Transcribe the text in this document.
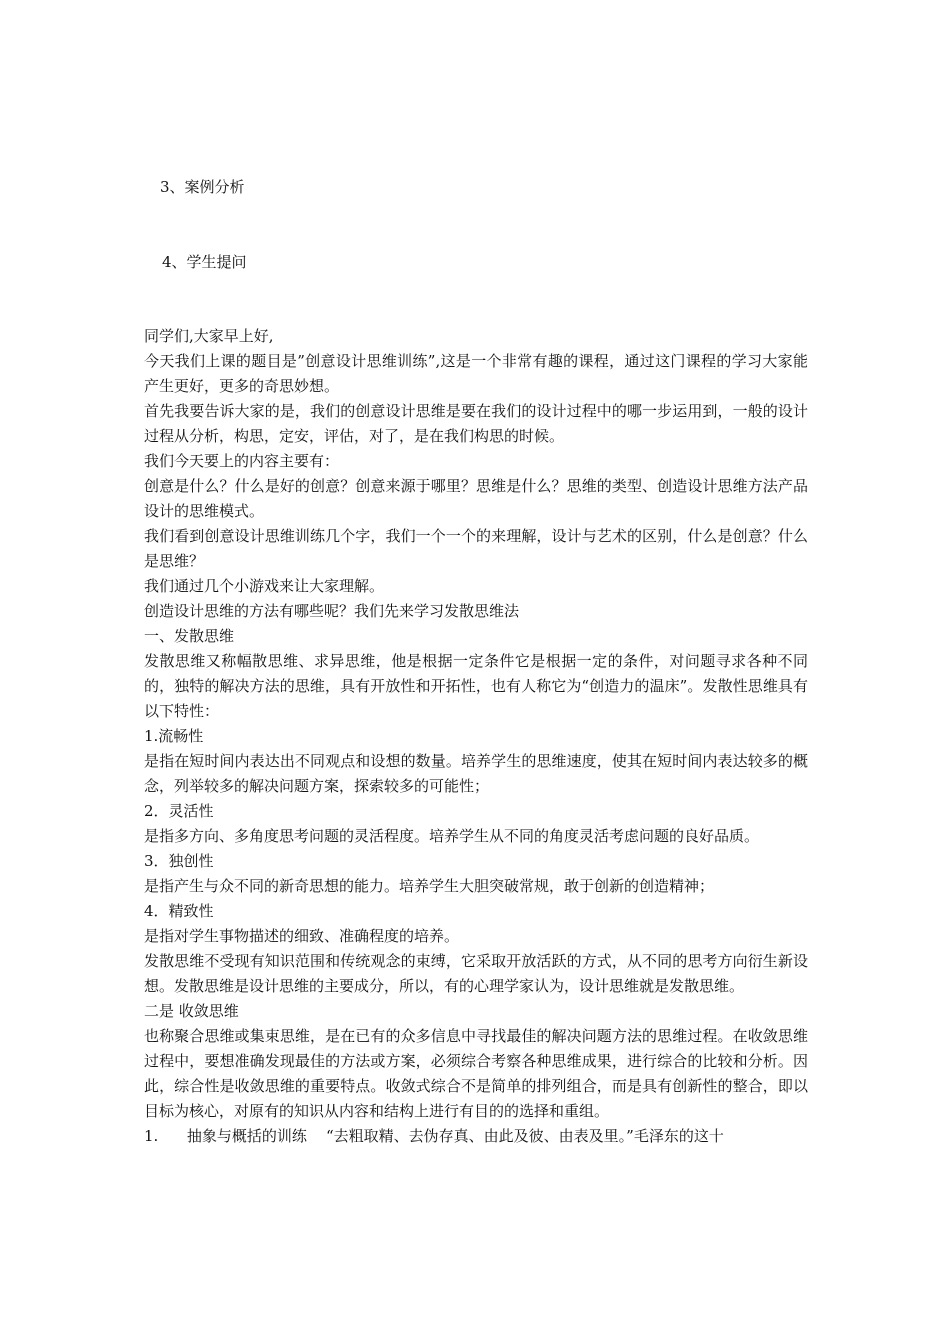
3、案例分析
4、学生提问

同学们,大家早上好,

今天我们上课的题目是”创意设计思维训练”,这是一个非常有趣的课程，通过这门课程的学习大家能产生更好，更多的奇思妙想。

首先我要告诉大家的是，我们的创意设计思维是要在我们的设计过程中的哪一步运用到，一般的设计过程从分析，构思，定安，评估，对了，是在我们构思的时候。

我们今天要上的内容主要有：

创意是什么？什么是好的创意？创意来源于哪里？思维是什么？思维的类型、创造设计思维方法产品设计的思维模式。

我们看到创意设计思维训练几个字，我们一个一个的来理解，设计与艺术的区别，什么是创意？什么是思维？

我们通过几个小游戏来让大家理解。

创造设计思维的方法有哪些呢？我们先来学习发散思维法

一、发散思维

发散思维又称幅散思维、求异思维，他是根据一定条件它是根据一定的条件，对问题寻求各种不同的，独特的解决方法的思维，具有开放性和开拓性，也有人称它为“创造力的温床”。发散性思维具有以下特性：

1.流畅性

是指在短时间内表达出不同观点和设想的数量。培养学生的思维速度，使其在短时间内表达较多的概念，列举较多的解决问题方案，探索较多的可能性；

2．灵活性

是指多方向、多角度思考问题的灵活程度。培养学生从不同的角度灵活考虑问题的良好品质。

3．独创性

是指产生与众不同的新奇思想的能力。培养学生大胆突破常规，敢于创新的创造精神；

4．精致性

是指对学生事物描述的细致、准确程度的培养。

发散思维不受现有知识范围和传统观念的束缚，它采取开放活跃的方式，从不同的思考方向衍生新设想。发散思维是设计思维的主要成分，所以，有的心理学家认为，设计思维就是发散思维。

二是 收敛思维

也称聚合思维或集束思维，是在已有的众多信息中寻找最佳的解决问题方法的思维过程。在收敛思维过程中，要想准确发现最佳的方法或方案，必须综合考察各种思维成果，进行综合的比较和分析。因此，综合性是收敛思维的重要特点。收敛式综合不是简单的排列组合，而是具有创新性的整合，即以目标为核心，对原有的知识从内容和结构上进行有目的的选择和重组。

1.      抽象与概括的训练    “去粗取精、去伪存真、由此及彼、由表及里。”毛泽东的这十
